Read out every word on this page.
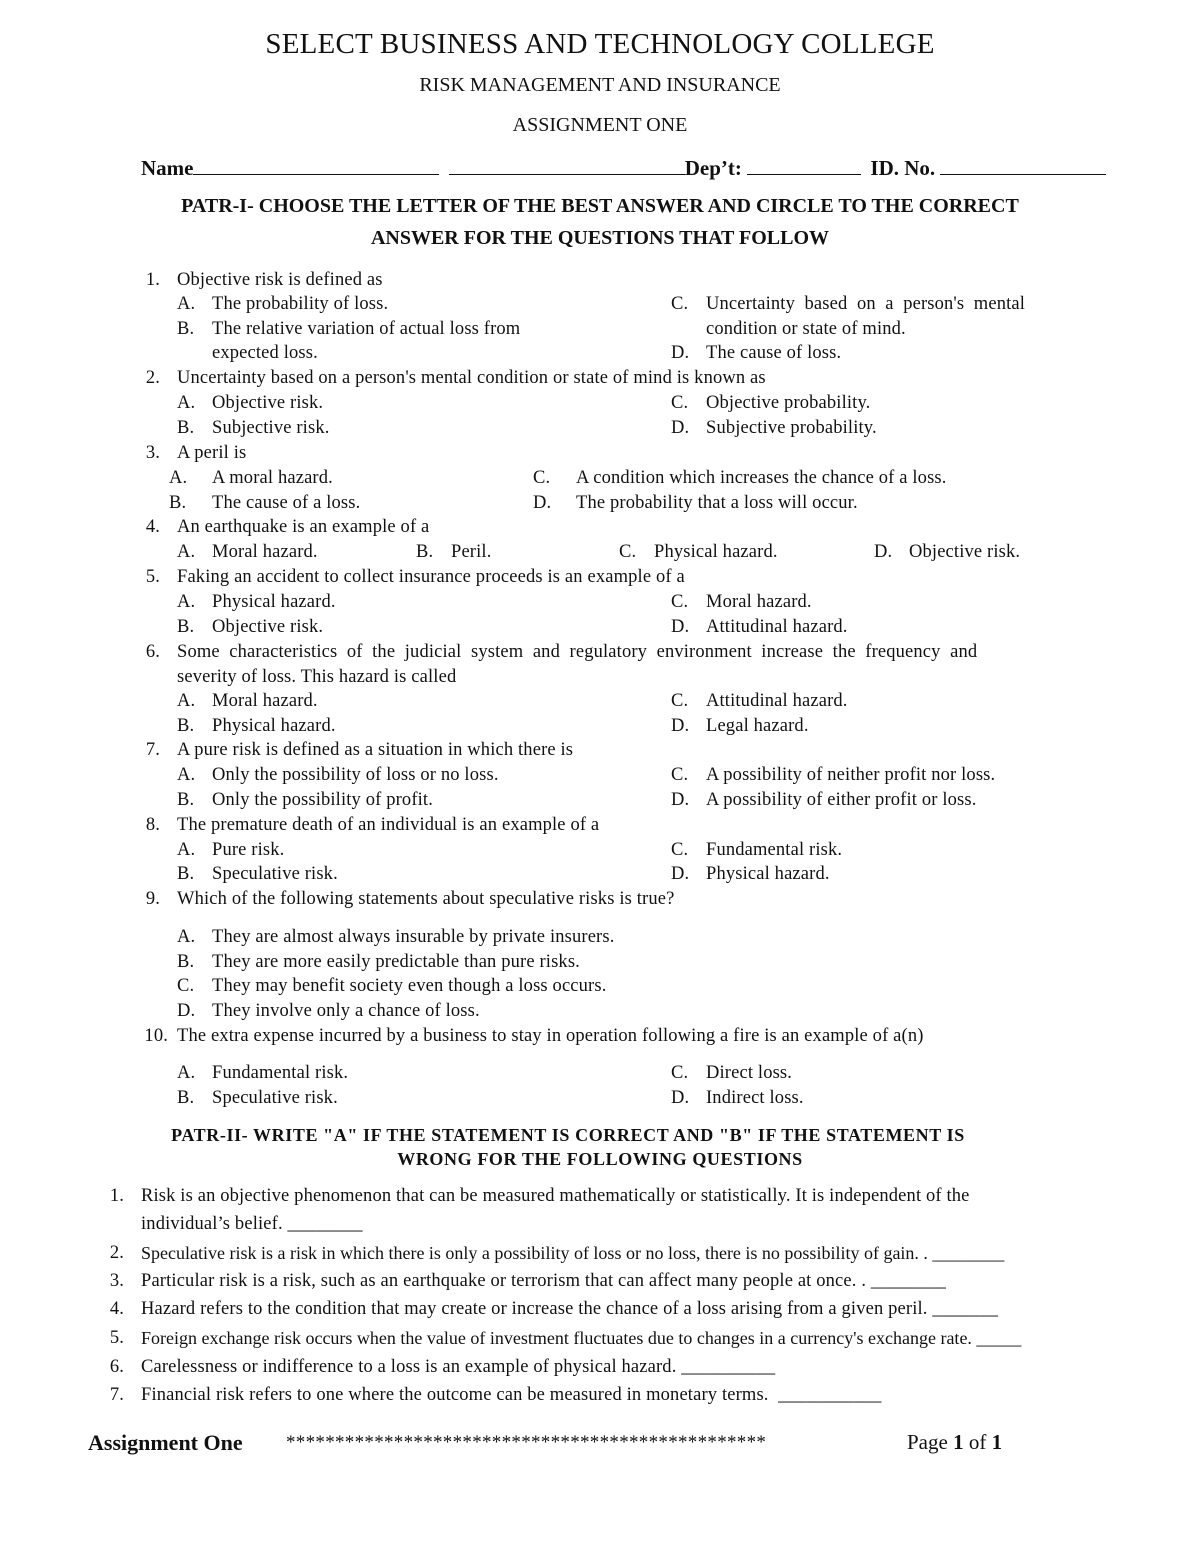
SELECT BUSINESS AND TECHNOLOGY COLLEGE
RISK MANAGEMENT AND INSURANCE
ASSIGNMENT ONE
Name	Dep’t:	ID. No.
PATR-I- CHOOSE THE LETTER OF THE BEST ANSWER AND CIRCLE TO THE CORRECT
ANSWER FOR THE QUESTIONS THAT FOLLOW
1. Objective risk is defined as
A. The probability of loss.
B. The relative variation of actual loss from
expected loss.
C. Uncertainty  based  on  a  person's  mental
condition or state of mind.
D. The cause of loss.
2. Uncertainty based on a person's mental condition or state of mind is known as
A. Objective risk.
B. Subjective risk.
C. Objective probability.
D. Subjective probability.
3. A peril is
A. A moral hazard.
B. The cause of a loss.
C. A condition which increases the chance of a loss.
D. The probability that a loss will occur.
4. An earthquake is an example of a
A. Moral hazard.	B. Peril.	C. Physical hazard.	D. Objective risk.
5. Faking an accident to collect insurance proceeds is an example of a
A. Physical hazard.
B. Objective risk.
C. Moral hazard.
D. Attitudinal hazard.
6. Some  characteristics  of  the  judicial  system  and  regulatory  environment  increase  the  frequency  and
severity of loss. This hazard is called
A. Moral hazard.
B. Physical hazard.
C. Attitudinal hazard.
D. Legal hazard.
7. A pure risk is defined as a situation in which there is
A. Only the possibility of loss or no loss.
B. Only the possibility of profit.
C. A possibility of neither profit nor loss.
D. A possibility of either profit or loss.
8. The premature death of an individual is an example of a
A. Pure risk.
B. Speculative risk.
C. Fundamental risk.
D. Physical hazard.
9. Which of the following statements about speculative risks is true?
A. They are almost always insurable by private insurers.
B. They are more easily predictable than pure risks.
C. They may benefit society even though a loss occurs.
D. They involve only a chance of loss.
10. The extra expense incurred by a business to stay in operation following a fire is an example of a(n)
A. Fundamental risk.
B. Speculative risk.
C. Direct loss.
D. Indirect loss.
PATR-II- WRITE "A" IF THE STATEMENT IS CORRECT AND "B" IF THE STATEMENT IS
WRONG FOR THE FOLLOWING QUESTIONS
1. Risk is an objective phenomenon that can be measured mathematically or statistically. It is independent of the
individual’s belief. ________
2. Speculative risk is a risk in which there is only a possibility of loss or no loss, there is no possibility of gain. . ________
3. Particular risk is a risk, such as an earthquake or terrorism that can affect many people at once. . ________
4. Hazard refers to the condition that may create or increase the chance of a loss arising from a given peril. _______
5. Foreign exchange risk occurs when the value of investment fluctuates due to changes in a currency's exchange rate. _____
6. Carelessness or indifference to a loss is an example of physical hazard. __________
7. Financial risk refers to one where the outcome can be measured in monetary terms.  ___________
Assignment One *************************************************	Page 1 of 1
